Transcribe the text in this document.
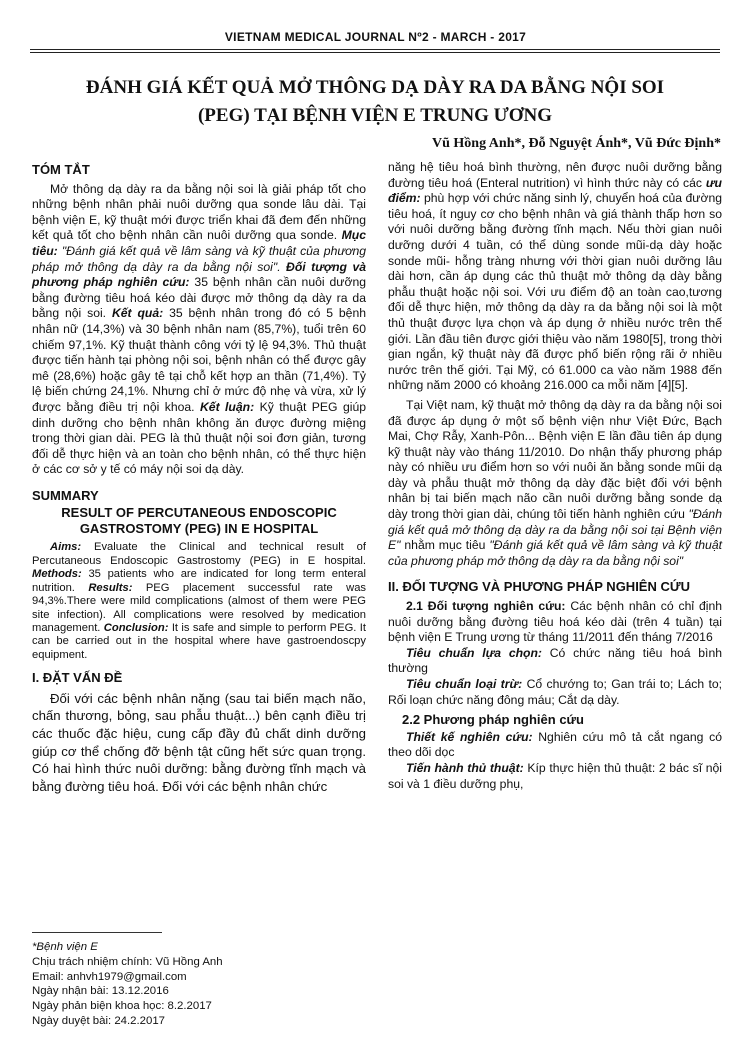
VIETNAM MEDICAL JOURNAL Nº2 - MARCH - 2017
ĐÁNH GIÁ KẾT QUẢ MỞ THÔNG DẠ DÀY RA DA BẰNG NỘI SOI
(PEG) TẠI BỆNH VIỆN E TRUNG ƯƠNG
Vũ Hồng Anh*, Đỗ Nguyệt Ánh*, Vũ Đức Định*
TÓM TẮT

Mở thông dạ dày ra da bằng nội soi là giải pháp tốt cho những bệnh nhân phải nuôi dưỡng qua sonde lâu dài. Tại bệnh viện E, kỹ thuật mới được triển khai đã đem đến những kết quả tốt cho bệnh nhân cần nuôi dưỡng qua sonde. Mục tiêu: "Đánh giá kết quả về lâm sàng và kỹ thuật của phương pháp mở thông dạ dày ra da bằng nội soi". Đối tượng và phương pháp nghiên cứu: 35 bệnh nhân cần nuôi dưỡng bằng đường tiêu hoá kéo dài được mở thông dạ dày ra da bằng nội soi. Kết quả: 35 bệnh nhân trong đó có 5 bệnh nhân nữ (14,3%) và 30 bệnh nhân nam (85,7%), tuổi trên 60 chiếm 97,1%. Kỹ thuật thành công với tỷ lệ 94,3%. Thủ thuật được tiến hành tại phòng nội soi, bệnh nhân có thể được gây mê (28,6%) hoặc gây tê tại chỗ kết hợp an thần (71,4%). Tỷ lệ biến chứng 24,1%. Nhưng chỉ ở mức độ nhẹ và vừa, xử lý được bằng điều trị nội khoa. Kết luận: Kỹ thuật PEG giúp dinh dưỡng cho bệnh nhân không ăn được đường miệng trong thời gian dài. PEG là thủ thuật nội soi đơn giản, tương đối dễ thực hiện và an toàn cho bệnh nhân, có thể thực hiện ở các cơ sở y tế có máy nội soi dạ dày.

SUMMARY
RESULT OF PERCUTANEOUS ENDOSCOPIC GASTROSTOMY (PEG) IN E HOSPITAL

Aims: Evaluate the Clinical and technical result of Percutaneous Endoscopic Gastrostomy (PEG) in E hospital. Methods: 35 patients who are indicated for long term enteral nutrition. Results: PEG placement successful rate was 94,3%.There were mild complications (almost of them were PEG site infection). All complications were resolved by medication management. Conclusion: It is safe and simple to perform PEG. It can be carried out in the hospital where have gastroendoscpy equipment.

I. ĐẶT VẤN ĐỀ

Đối với các bệnh nhân nặng (sau tai biến mạch não, chấn thương, bỏng, sau phẫu thuật...) bên cạnh điều trị các thuốc đặc hiệu, cung cấp đầy đủ chất dinh dưỡng giúp cơ thể chống đỡ bệnh tật cũng hết sức quan trọng. Có hai hình thức nuôi dưỡng: bằng đường tĩnh mạch và bằng đường tiêu hoá. Đối với các bệnh nhân chức

năng hệ tiêu hoá bình thường, nên được nuôi dưỡng bằng đường tiêu hoá (Enteral nutrition) vì hình thức này có các ưu điểm: phù hợp với chức năng sinh lý, chuyển hoá của đường tiêu hoá, ít nguy cơ cho bệnh nhân và giá thành thấp hơn so với nuôi dưỡng bằng đường tĩnh mạch. Nếu thời gian nuôi dưỡng dưới 4 tuần, có thể dùng sonde mũi-dạ dày hoặc sonde mũi- hỗng tràng nhưng với thời gian nuôi dưỡng lâu dài hơn, cần áp dụng các thủ thuật mở thông dạ dày bằng phẫu thuật hoặc nội soi. Với ưu điểm độ an toàn cao,tương đối dễ thực hiện, mở thông dạ dày ra da bằng nội soi là một thủ thuật được lựa chọn và áp dụng ở nhiều nước trên thế giới. Lần đầu tiên được giới thiệu vào năm 1980[5], trong thời gian ngắn, kỹ thuật này đã được phổ biến rộng rãi ở nhiều nước trên thế giới. Tại Mỹ, có 61.000 ca vào năm 1988 đến những năm 2000 có khoảng 216.000 ca mỗi năm [4][5].

Tại Việt nam, kỹ thuật mở thông dạ dày ra da bằng nội soi đã được áp dụng ở một số bệnh viện như Việt Đức, Bạch Mai, Chợ Rẫy, Xanh-Pôn... Bệnh viện E lần đầu tiên áp dụng kỹ thuật này vào tháng 11/2010. Do nhận thấy phương pháp này có nhiều ưu điểm hơn so với nuôi ăn bằng sonde mũi dạ dày và phẫu thuật mở thông dạ dày đặc biệt đối với bệnh nhân bị tai biến mạch não cần nuôi dưỡng bằng sonde dạ dày trong thời gian dài, chúng tôi tiến hành nghiên cứu "Đánh giá kết quả mở thông dạ dày ra da bằng nội soi tại Bệnh viện E" nhằm mục tiêu "Đánh giá kết quả về lâm sàng và kỹ thuật của phương pháp mở thông dạ dày ra da bằng nội soi"

II. ĐỐI TƯỢNG VÀ PHƯƠNG PHÁP NGHIÊN CỨU

2.1 Đối tượng nghiên cứu: Các bệnh nhân có chỉ định nuôi dưỡng bằng đường tiêu hoá kéo dài (trên 4 tuần) tại bệnh viện E Trung ương từ tháng 11/2011 đến tháng 7/2016

Tiêu chuẩn lựa chọn: Có chức năng tiêu hoá bình thường

Tiêu chuẩn loại trừ: Cổ chướng to; Gan trái to; Lách to; Rối loạn chức năng đông máu; Cắt dạ dày.

2.2 Phương pháp nghiên cứu

Thiết kế nghiên cứu: Nghiên cứu mô tả cắt ngang có theo dõi dọc

Tiến hành thủ thuật: Kíp thực hiện thủ thuật: 2 bác sĩ nội soi và 1 điều dưỡng phụ,

*Bệnh viện E
Chịu trách nhiệm chính: Vũ Hồng Anh
Email: anhvh1979@gmail.com
Ngày nhận bài: 13.12.2016
Ngày phản biện khoa học: 8.2.2017
Ngày duyệt bài: 24.2.2017
